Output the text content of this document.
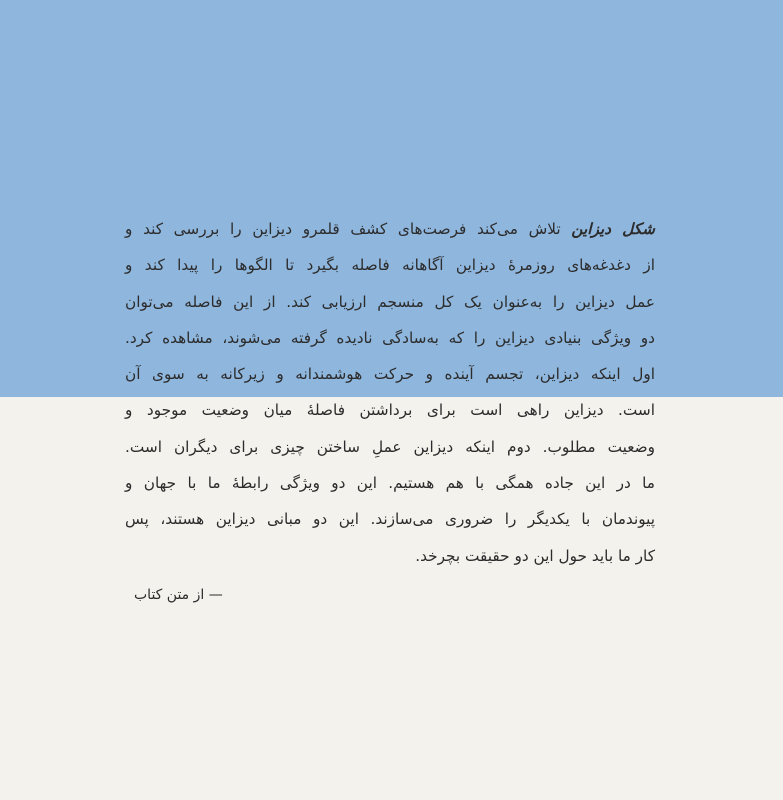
شکل دیزاین تلاش می‌کند فرصت‌های کشف قلمرو دیزاین را بررسی کند و
از دغدغه‌های روزمرهٔ دیزاین آگاهانه فاصله بگیرد تا الگوها را پیدا کند و
عمل دیزاین را به‌عنوان یک کل منسجم ارزیابی کند. از این فاصله می‌توان
دو ویژگی بنیادی دیزاین را که به‌سادگی نادیده گرفته می‌شوند، مشاهده کرد.
اول اینکه دیزاین، تجسم آینده و حرکت هوشمندانه و زیرکانه به سوی آن
است. دیزاین راهی است برای برداشتن فاصلهٔ میان وضعیت موجود و
وضعیت مطلوب. دوم اینکه دیزاین عملِ ساختن چیزی برای دیگران است.
ما در این جاده همگی با هم هستیم. این دو ویژگی رابطهٔ ما با جهان و
پیوندمان با یکدیگر را ضروری می‌سازند. این دو مبانی دیزاین هستند، پس
کار ما باید حول این دو حقیقت بچرخد.
— از متن کتاب
